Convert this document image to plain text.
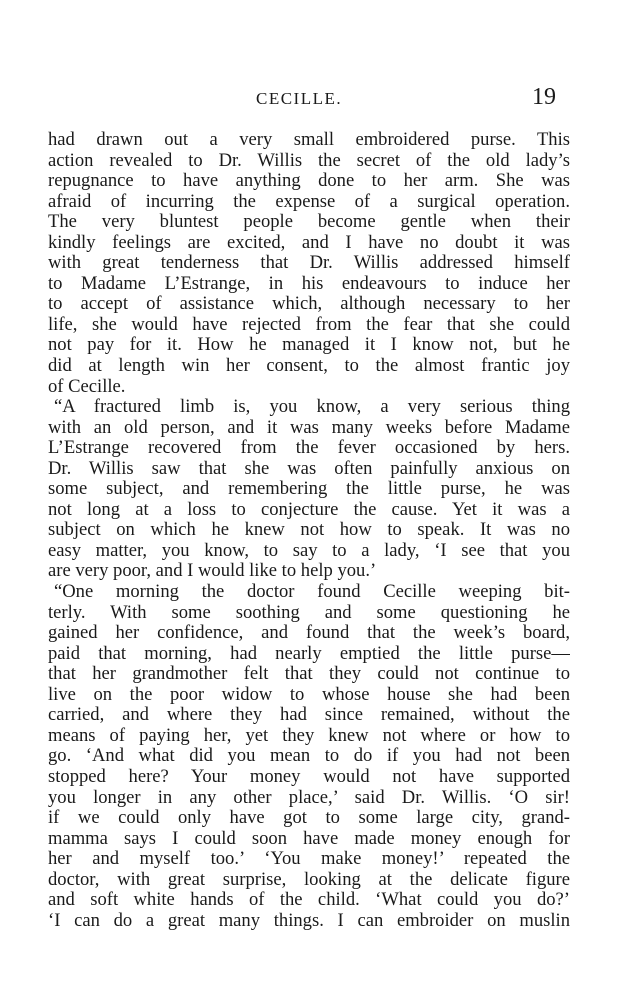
CECILLE.	19
had drawn out a very small embroidered purse. This
action revealed to Dr. Willis the secret of the old lady’s
repugnance to have anything done to her arm. She was
afraid of incurring the expense of a surgical operation.
The very bluntest people become gentle when their
kindly feelings are excited, and I have no doubt it was
with great tenderness that Dr. Willis addressed himself
to Madame L’Estrange, in his endeavours to induce her
to accept of assistance which, although necessary to her
life, she would have rejected from the fear that she could
not pay for it. How he managed it I know not, but he
did at length win her consent, to the almost frantic joy
of Cecille.
“A fractured limb is, you know, a very serious thing
with an old person, and it was many weeks before Madame
L’Estrange recovered from the fever occasioned by hers.
Dr. Willis saw that she was often painfully anxious on
some subject, and remembering the little purse, he was
not long at a loss to conjecture the cause. Yet it was a
subject on which he knew not how to speak. It was no
easy matter, you know, to say to a lady, ‘I see that you
are very poor, and I would like to help you.’
“One morning the doctor found Cecille weeping bit-
terly. With some soothing and some questioning he
gained her confidence, and found that the week’s board,
paid that morning, had nearly emptied the little purse—
that her grandmother felt that they could not continue to
live on the poor widow to whose house she had been
carried, and where they had since remained, without the
means of paying her, yet they knew not where or how to
go. ‘And what did you mean to do if you had not been
stopped here? Your money would not have supported
you longer in any other place,’ said Dr. Willis. ‘O sir!
if we could only have got to some large city, grand-
mamma says I could soon have made money enough for
her and myself too.’ ‘You make money!’ repeated the
doctor, with great surprise, looking at the delicate figure
and soft white hands of the child. ‘What could you do?’
‘I can do a great many things. I can embroider on muslin
